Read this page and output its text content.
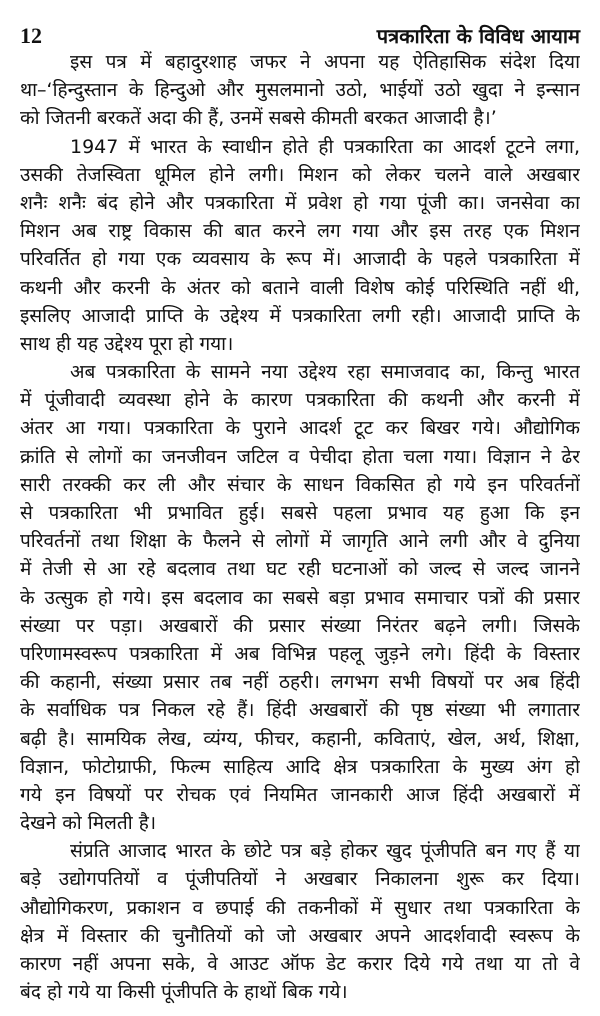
12	पत्रकारिता के विविध आयाम
इस पत्र में बहादुरशाह जफर ने अपना यह ऐतिहासिक संदेश दिया
था–‘हिन्दुस्तान के हिन्दुओ और मुसलमानो उठो, भाईयों उठो खुदा ने इन्सान
को जितनी बरकतें अदा की हैं, उनमें सबसे कीमती बरकत आजादी है।’
1947 में भारत के स्वाधीन होते ही पत्रकारिता का आदर्श टूटने लगा,
उसकी तेजस्विता धूमिल होने लगी। मिशन को लेकर चलने वाले अखबार
शनैः शनैः बंद होने और पत्रकारिता में प्रवेश हो गया पूंजी का। जनसेवा का
मिशन अब राष्ट्र विकास की बात करने लग गया और इस तरह एक मिशन
परिवर्तित हो गया एक व्यवसाय के रूप में। आजादी के पहले पत्रकारिता में
कथनी और करनी के अंतर को बताने वाली विशेष कोई परिस्थिति नहीं थी,
इसलिए आजादी प्राप्ति के उद्देश्य में पत्रकारिता लगी रही। आजादी प्राप्ति के
साथ ही यह उद्देश्य पूरा हो गया।
अब पत्रकारिता के सामने नया उद्देश्य रहा समाजवाद का, किन्तु भारत
में पूंजीवादी व्यवस्था होने के कारण पत्रकारिता की कथनी और करनी में
अंतर आ गया। पत्रकारिता के पुराने आदर्श टूट कर बिखर गये। औद्योगिक
क्रांति से लोगों का जनजीवन जटिल व पेचीदा होता चला गया। विज्ञान ने ढेर
सारी तरक्की कर ली और संचार के साधन विकसित हो गये इन परिवर्तनों
से पत्रकारिता भी प्रभावित हुई। सबसे पहला प्रभाव यह हुआ कि इन
परिवर्तनों तथा शिक्षा के फैलने से लोगों में जागृति आने लगी और वे दुनिया
में तेजी से आ रहे बदलाव तथा घट रही घटनाओं को जल्द से जल्द जानने
के उत्सुक हो गये। इस बदलाव का सबसे बड़ा प्रभाव समाचार पत्रों की प्रसार
संख्या पर पड़ा। अखबारों की प्रसार संख्या निरंतर बढ़ने लगी। जिसके
परिणामस्वरूप पत्रकारिता में अब विभिन्न पहलू जुड़ने लगे। हिंदी के विस्तार
की कहानी, संख्या प्रसार तब नहीं ठहरी। लगभग सभी विषयों पर अब हिंदी
के सर्वाधिक पत्र निकल रहे हैं। हिंदी अखबारों की पृष्ठ संख्या भी लगातार
बढ़ी है। सामयिक लेख, व्यंग्य, फीचर, कहानी, कविताएं, खेल, अर्थ, शिक्षा,
विज्ञान, फोटोग्राफी, फिल्म साहित्य आदि क्षेत्र पत्रकारिता के मुख्य अंग हो
गये इन विषयों पर रोचक एवं नियमित जानकारी आज हिंदी अखबारों में
देखने को मिलती है।
संप्रति आजाद भारत के छोटे पत्र बड़े होकर खुद पूंजीपति बन गए हैं या
बड़े उद्योगपतियों व पूंजीपतियों ने अखबार निकालना शुरू कर दिया।
औद्योगिकरण, प्रकाशन व छपाई की तकनीकों में सुधार तथा पत्रकारिता के
क्षेत्र में विस्तार की चुनौतियों को जो अखबार अपने आदर्शवादी स्वरूप के
कारण नहीं अपना सके, वे आउट ऑफ डेट करार दिये गये तथा या तो वे
बंद हो गये या किसी पूंजीपति के हाथों बिक गये।
